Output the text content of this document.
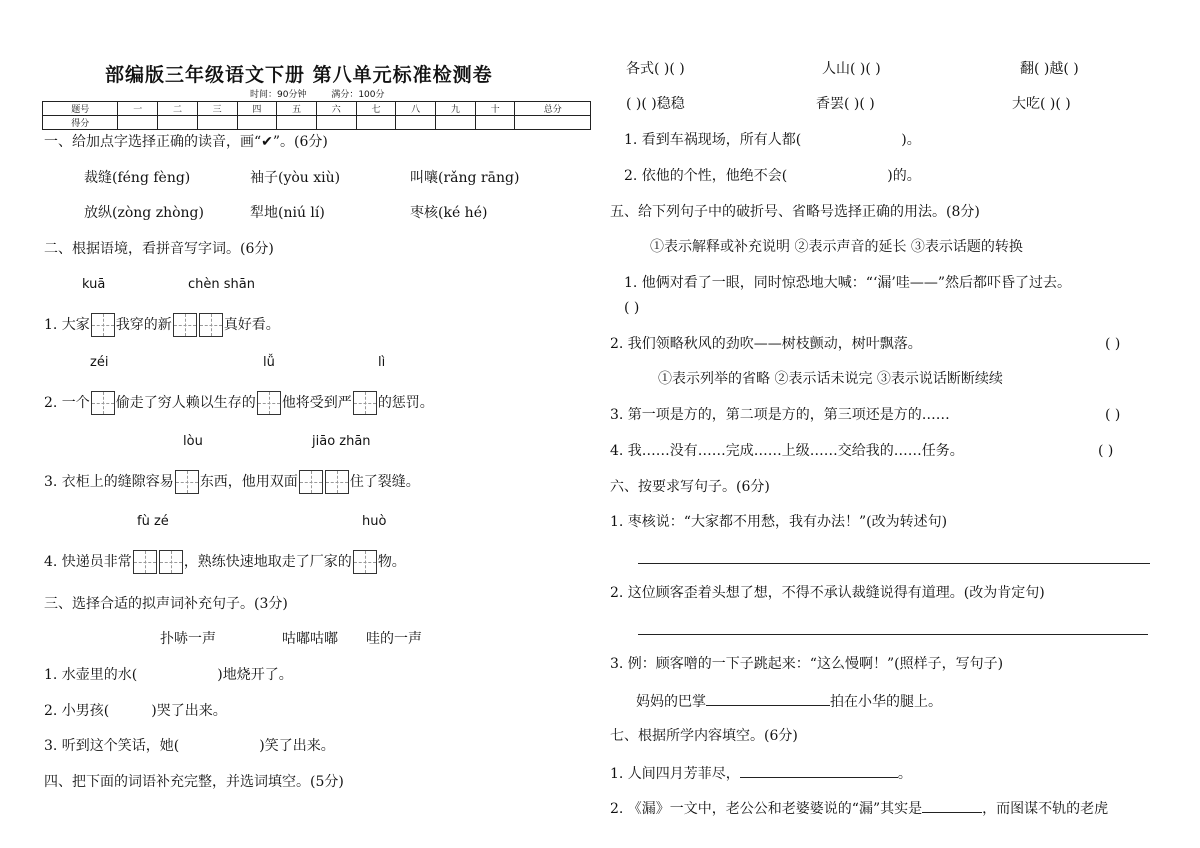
部编版三年级语文下册 第八单元标准检测卷
时间：90分钟	满分：100分
题号	一	二	三	四	五	六	七	八	九	十	总分
得分											
一、给加点字选择正确的读音，画“✔”。(6分)
裁缝(féng fèng)	袖子(yòu xiù)	叫嚷(rǎng rāng)
放纵(zòng zhòng)	犁地(niú lí)	枣核(ké hé)
二、根据语境，看拼音写字词。(6分)
kuā	chèn shān
1. 大家 我穿的新	真好看。
zéi	lǚ	lì
2. 一个 偷走了穷人赖以生存的 他将受到严 的惩罚。
lòu	jiāo zhān
3. 衣柜上的缝隙容易 东西，他用双面	住了裂缝。
fù zé	huò
4. 快递员非常	，熟练快速地取走了厂家的 物。
三、选择合适的拟声词补充句子。(3分)
扑哧一声	咕嘟咕嘟 哇的一声
1. 水壶里的水(	)地烧开了。
2. 小男孩(	)哭了出来。
3. 听到这个笑话，她(	)笑了出来。
四、把下面的词语补充完整，并选词填空。(5分)
各式( )( )	人山( )( )	翻( )越( )
( )( )稳稳	香罢( )( )	大吃( )( )
1. 看到车祸现场，所有人都(	)。
2. 依他的个性，他绝不会(	)的。
五、给下列句子中的破折号、省略号选择正确的用法。(8分)
①表示解释或补充说明 ②表示声音的延长 ③表示话题的转换
1. 他俩对看了一眼，同时惊恐地大喊：“‘漏’哇——”然后都吓昏了过去。
( )
2. 我们领略秋风的劲吹——树枝颤动，树叶飘落。	( )
①表示列举的省略 ②表示话未说完 ③表示说话断断续续
3. 第一项是方的，第二项是方的，第三项还是方的……	( )
4. 我……没有……完成……上级……交给我的……任务。	( )
六、按要求写句子。(6分)
1. 枣核说：“大家都不用愁，我有办法！”(改为转述句)
2. 这位顾客歪着头想了想，不得不承认裁缝说得有道理。(改为肯定句)
3. 例：顾客噌的一下子跳起来：“这么慢啊！”(照样子，写句子)
妈妈的巴掌	拍在小华的腿上。
七、根据所学内容填空。(6分)
1. 人间四月芳菲尽，	。
2. 《漏》一文中，老公公和老婆婆说的“漏”其实是	，而图谋不轨的老虎
